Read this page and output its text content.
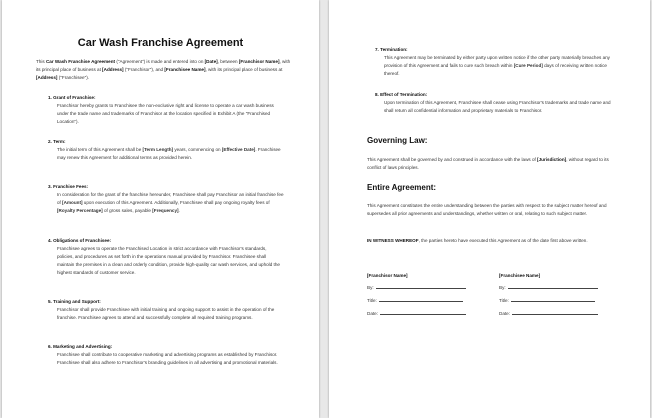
Car Wash Franchise Agreement
This Car Wash Franchise Agreement ("Agreement") is made and entered into on [Date], between [Franchisor Name], with its principal place of business at [Address] ("Franchisor"), and [Franchisee Name], with its principal place of business at [Address] ("Franchisee").
1. Grant of Franchise:
Franchisor hereby grants to Franchisee the non-exclusive right and license to operate a car wash business under the trade name and trademarks of Franchisor at the location specified in Exhibit A (the "Franchised Location").
2. Term:
The initial term of this Agreement shall be [Term Length] years, commencing on [Effective Date]. Franchisee may renew this Agreement for additional terms as provided herein.
3. Franchise Fees:
In consideration for the grant of the franchise hereunder, Franchisee shall pay Franchisor an initial franchise fee of [Amount] upon execution of this Agreement. Additionally, Franchisee shall pay ongoing royalty fees of [Royalty Percentage] of gross sales, payable [Frequency].
4. Obligations of Franchisee:
Franchisee agrees to operate the Franchised Location in strict accordance with Franchisor's standards, policies, and procedures as set forth in the operations manual provided by Franchisor. Franchisee shall maintain the premises in a clean and orderly condition, provide high-quality car wash services, and uphold the highest standards of customer service.
5. Training and Support:
Franchisor shall provide Franchisee with initial training and ongoing support to assist in the operation of the franchise. Franchisee agrees to attend and successfully complete all required training programs.
6. Marketing and Advertising:
Franchisee shall contribute to cooperative marketing and advertising programs as established by Franchisor. Franchisee shall also adhere to Franchisor's branding guidelines in all advertising and promotional materials.
7. Termination:
This Agreement may be terminated by either party upon written notice if the other party materially breaches any provision of this Agreement and fails to cure such breach within [Cure Period] days of receiving written notice thereof.
8. Effect of Termination:
Upon termination of this Agreement, Franchisee shall cease using Franchisor's trademarks and trade name and shall return all confidential information and proprietary materials to Franchisor.
Governing Law:
This Agreement shall be governed by and construed in accordance with the laws of [Jurisdiction], without regard to its conflict of laws principles.
Entire Agreement:
This Agreement constitutes the entire understanding between the parties with respect to the subject matter hereof and supersedes all prior agreements and understandings, whether written or oral, relating to such subject matter.
IN WITNESS WHEREOF, the parties hereto have executed this Agreement as of the date first above written.
[Franchisor Name]
By:
Title:
Date:
[Franchisee Name]
By:
Title:
Date:
